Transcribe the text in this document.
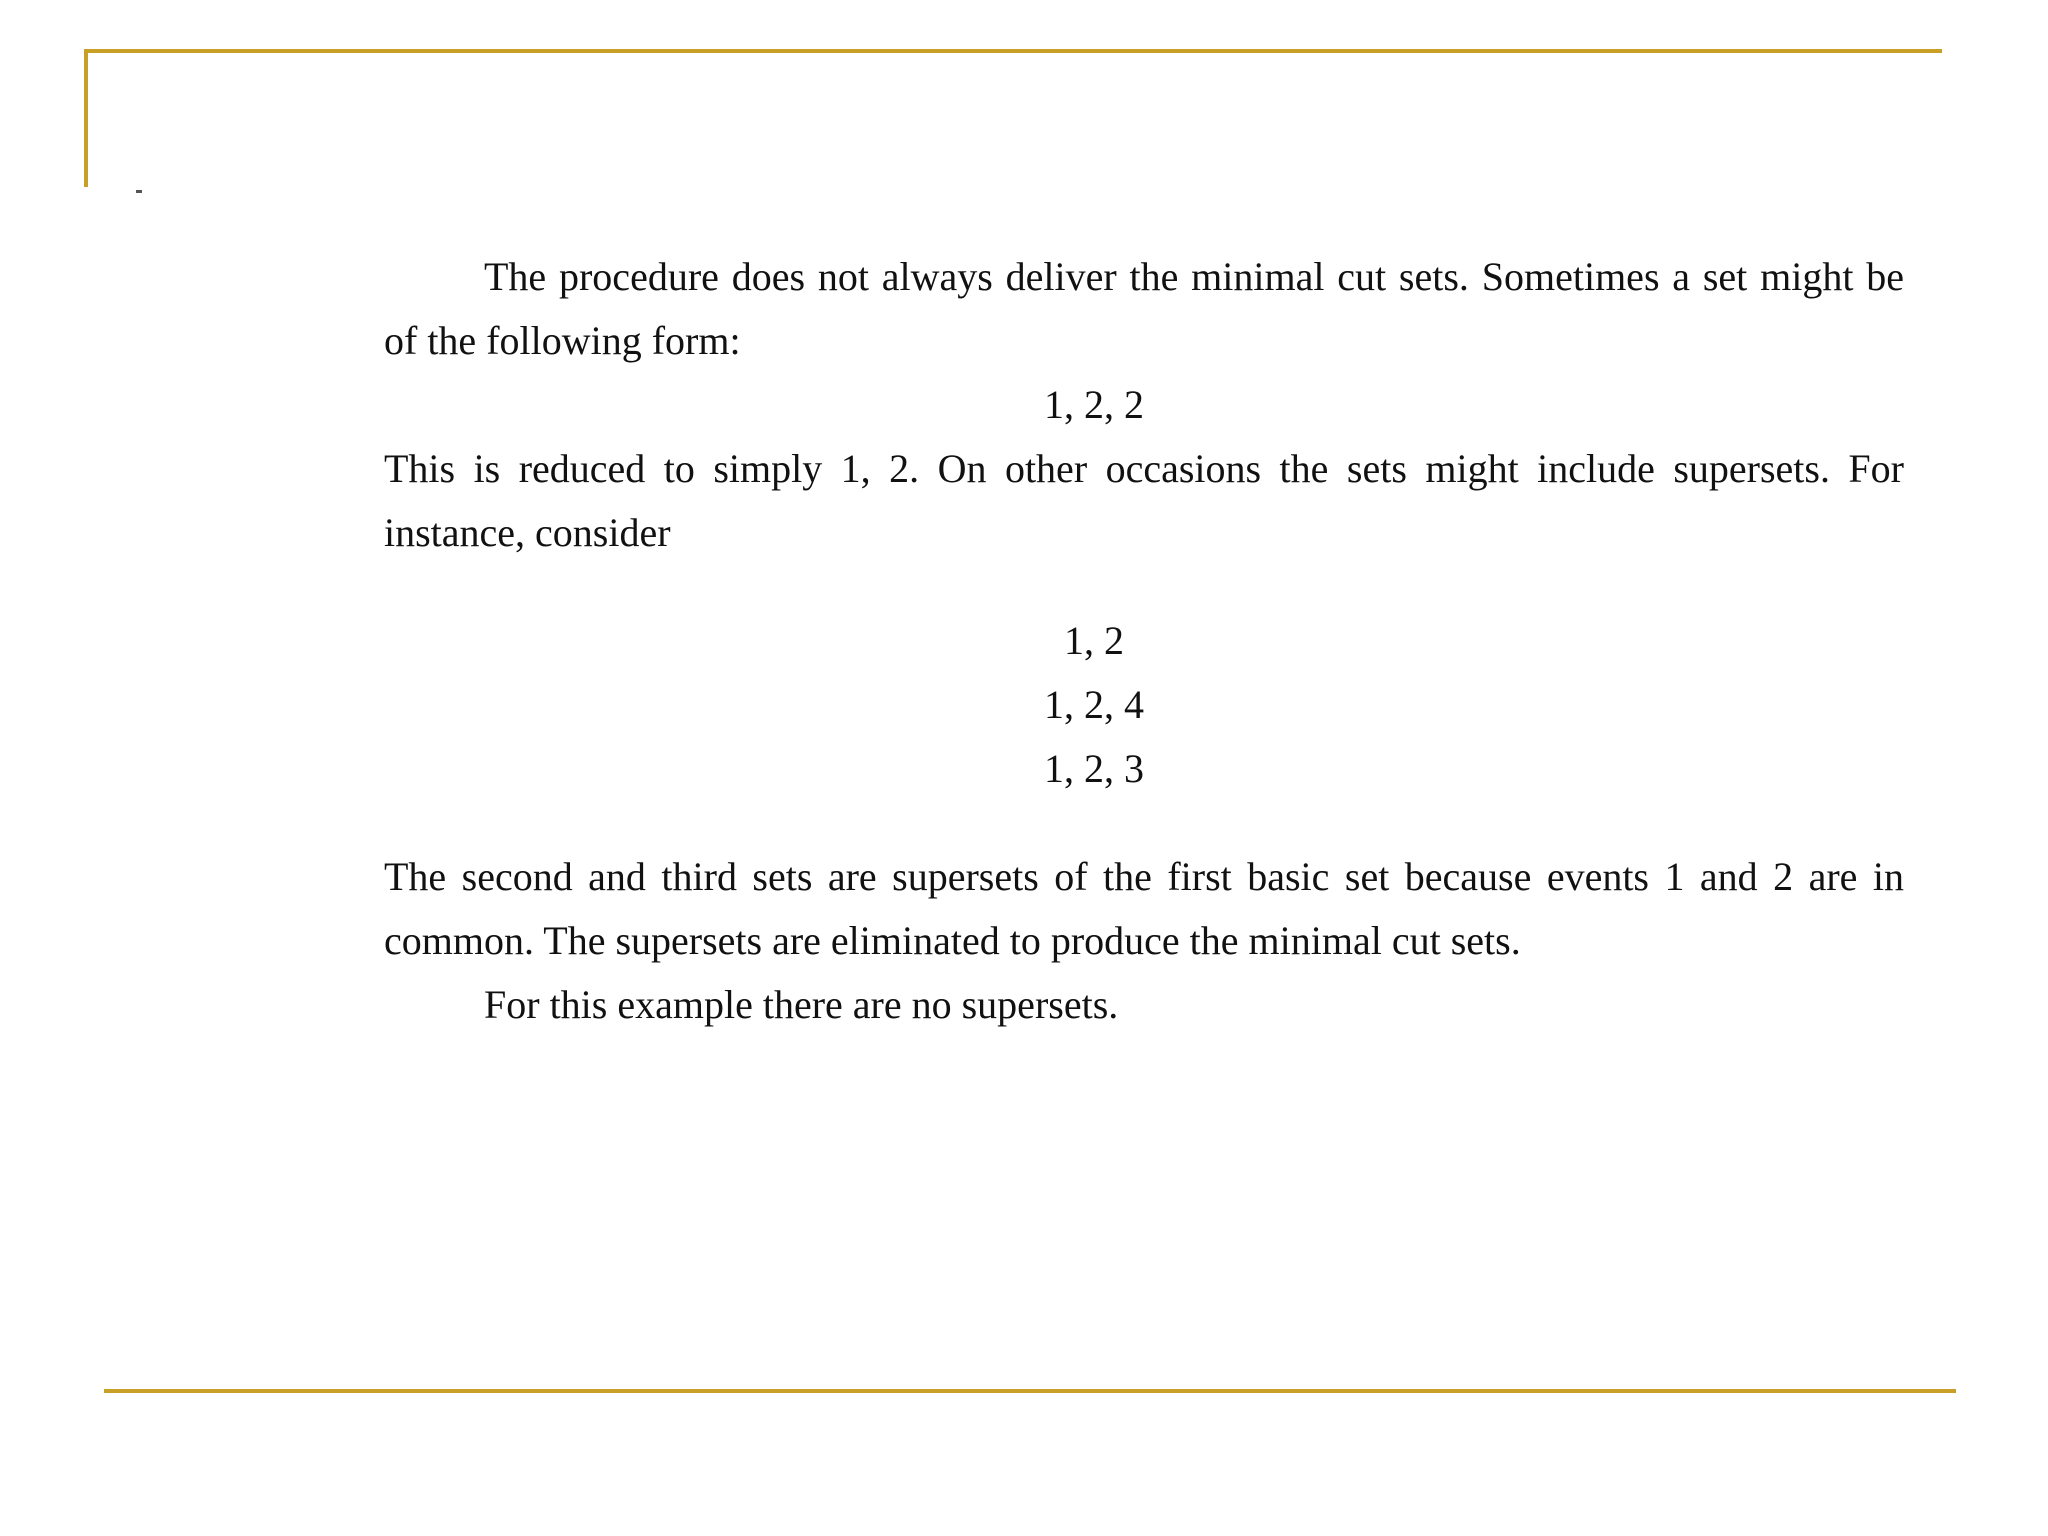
The procedure does not always deliver the minimal cut sets. Sometimes a set might be of the following form:

1, 2, 2

This is reduced to simply 1, 2. On other occasions the sets might include supersets. For instance, consider

1, 2

1, 2, 4

1, 2, 3

The second and third sets are supersets of the first basic set because events 1 and 2 are in common. The supersets are eliminated to produce the minimal cut sets.

For this example there are no supersets.
